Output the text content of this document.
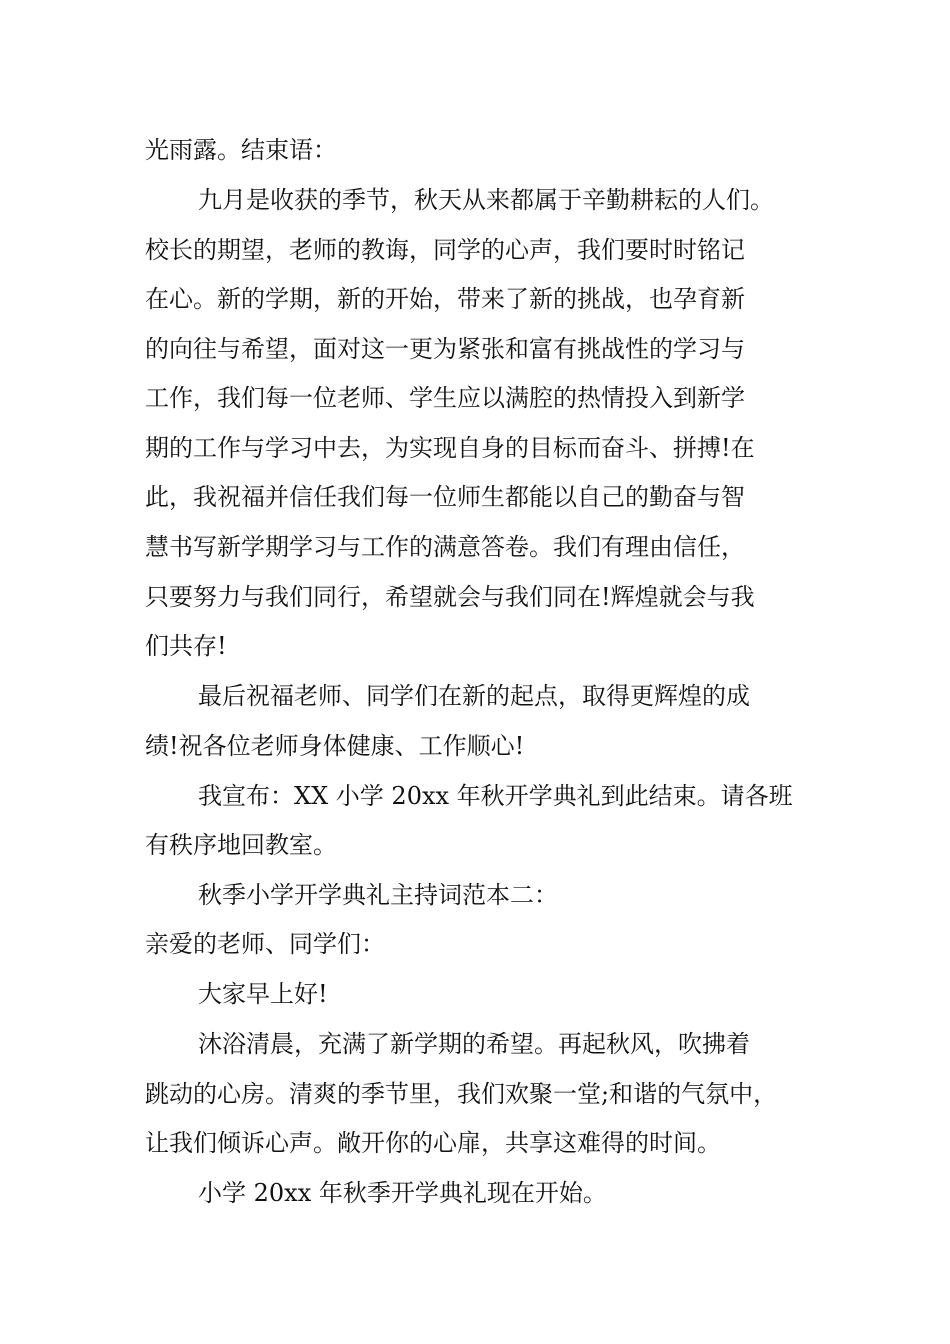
光雨露。结束语：
九月是收获的季节，秋天从来都属于辛勤耕耘的人们。
校长的期望，老师的教诲，同学的心声，我们要时时铭记
在心。新的学期，新的开始，带来了新的挑战，也孕育新
的向往与希望，面对这一更为紧张和富有挑战性的学习与
工作，我们每一位老师、学生应以满腔的热情投入到新学
期的工作与学习中去，为实现自身的目标而奋斗、拼搏!在
此，我祝福并信任我们每一位师生都能以自己的勤奋与智
慧书写新学期学习与工作的满意答卷。我们有理由信任，
只要努力与我们同行，希望就会与我们同在!辉煌就会与我
们共存!
最后祝福老师、同学们在新的起点，取得更辉煌的成
绩!祝各位老师身体健康、工作顺心!
我宣布：XX 小学 20xx 年秋开学典礼到此结束。请各班
有秩序地回教室。
秋季小学开学典礼主持词范本二：
亲爱的老师、同学们：
大家早上好!
沐浴清晨，充满了新学期的希望。再起秋风，吹拂着
跳动的心房。清爽的季节里，我们欢聚一堂;和谐的气氛中，
让我们倾诉心声。敞开你的心扉，共享这难得的时间。
小学 20xx 年秋季开学典礼现在开始。
